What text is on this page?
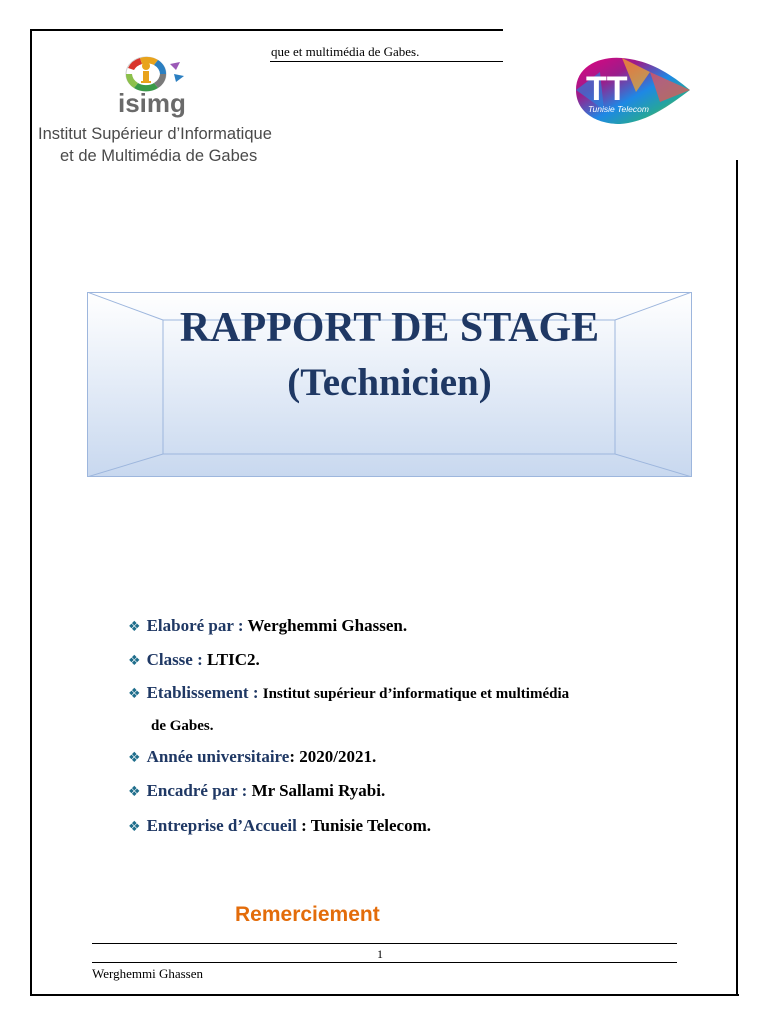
que et multimédia de Gabes.
isimg
Institut Supérieur d’Informatique
et de Multimédia de Gabes
TT
Tunisie Telecom
RAPPORT DE STAGE
(Technicien)
❖ Elaboré par : Werghemmi Ghassen.
❖ Classe : LTIC2.
❖ Etablissement : Institut supérieur d’informatique et multimédia
de Gabes.
❖ Année universitaire: 2020/2021.
❖ Encadré par : Mr Sallami Ryabi.
❖ Entreprise d’Accueil : Tunisie Telecom.
Remerciement
1
Werghemmi Ghassen
